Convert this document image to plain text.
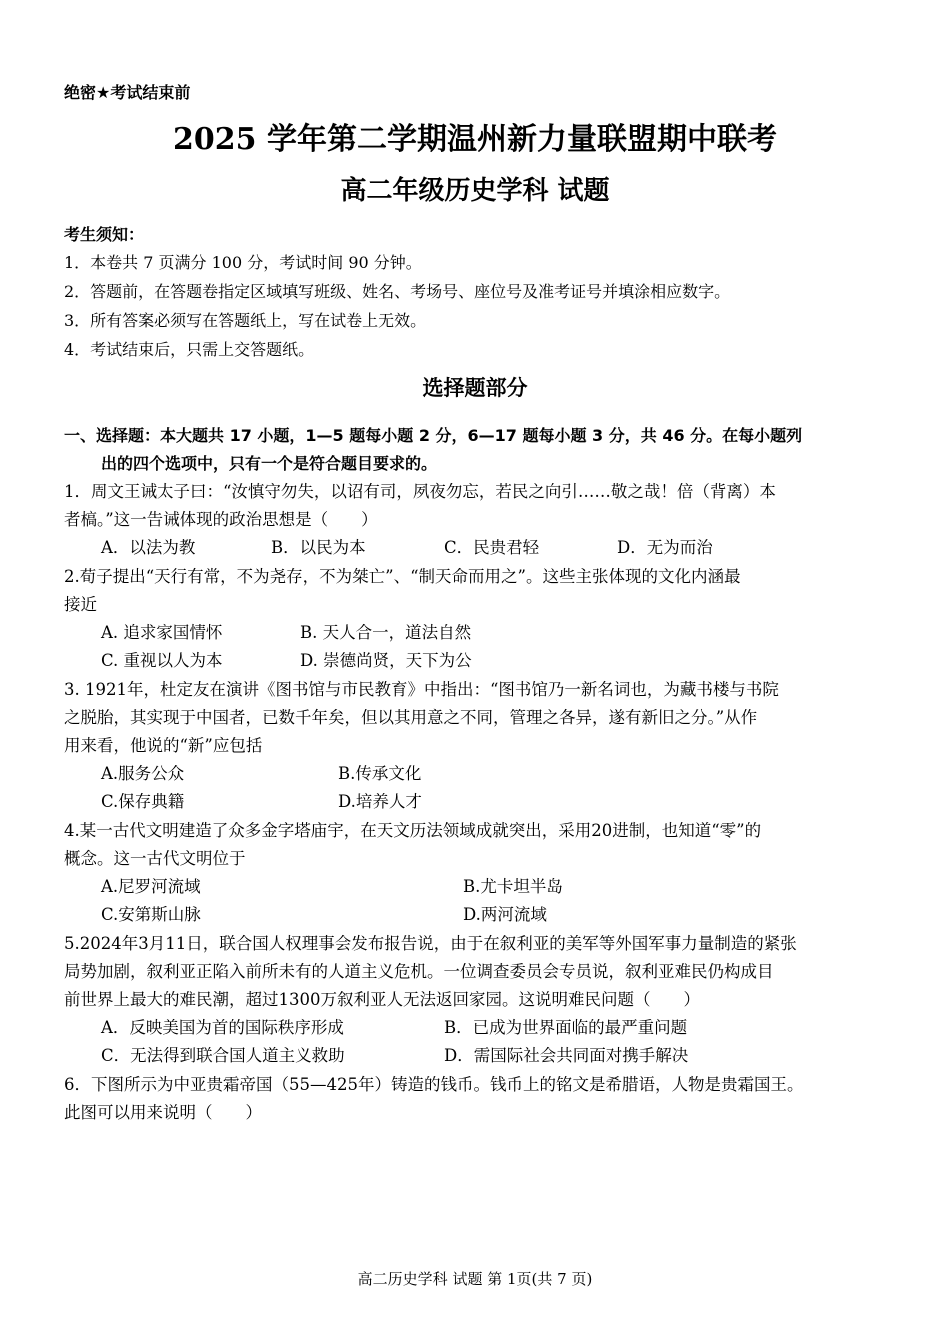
绝密★考试结束前
2025 学年第二学期温州新力量联盟期中联考
高二年级历史学科 试题
考生须知：
1．本卷共 7 页满分 100 分，考试时间 90 分钟。
2．答题前，在答题卷指定区域填写班级、姓名、考场号、座位号及准考证号并填涂相应数字。
3．所有答案必须写在答题纸上，写在试卷上无效。
4．考试结束后，只需上交答题纸。
选择题部分
一、选择题：本大题共 17 小题，1—5 题每小题 2 分，6—17 题每小题 3 分，共 46 分。在每小题列
出的四个选项中，只有一个是符合题目要求的。
1．周文王诫太子曰：“汝慎守勿失，以诏有司，夙夜勿忘，若民之向引……敬之哉！倍（背离）本
者槁。”这一告诫体现的政治思想是（　　）
A．以法为教	B．以民为本	C．民贵君轻	D．无为而治
2.荀子提出“天行有常，不为尧存，不为桀亡”、“制天命而用之”。这些主张体现的文化内涵最
接近
A. 追求家国情怀	B. 天人合一，道法自然
C. 重视以人为本	D. 崇德尚贤，天下为公
3. 1921年，杜定友在演讲《图书馆与市民教育》中指出：“图书馆乃一新名词也，为藏书楼与书院
之脱胎，其实现于中国者，已数千年矣，但以其用意之不同，管理之各异，遂有新旧之分。”从作
用来看，他说的“新”应包括
A.服务公众	B.传承文化
C.保存典籍	D.培养人才
4.某一古代文明建造了众多金字塔庙宇，在天文历法领域成就突出，采用20进制，也知道“零”的
概念。这一古代文明位于
A.尼罗河流域	B.尤卡坦半岛
C.安第斯山脉	D.两河流域
5.2024年3月11日，联合国人权理事会发布报告说，由于在叙利亚的美军等外国军事力量制造的紧张
局势加剧，叙利亚正陷入前所未有的人道主义危机。一位调查委员会专员说，叙利亚难民仍构成目
前世界上最大的难民潮，超过1300万叙利亚人无法返回家园。这说明难民问题（　　）
A．反映美国为首的国际秩序形成	B．已成为世界面临的最严重问题
C．无法得到联合国人道主义救助	D．需国际社会共同面对携手解决
6．下图所示为中亚贵霜帝国（55—425年）铸造的钱币。钱币上的铭文是希腊语，人物是贵霜国王。
此图可以用来说明（　　）
高二历史学科 试题 第 1页(共 7 页)
